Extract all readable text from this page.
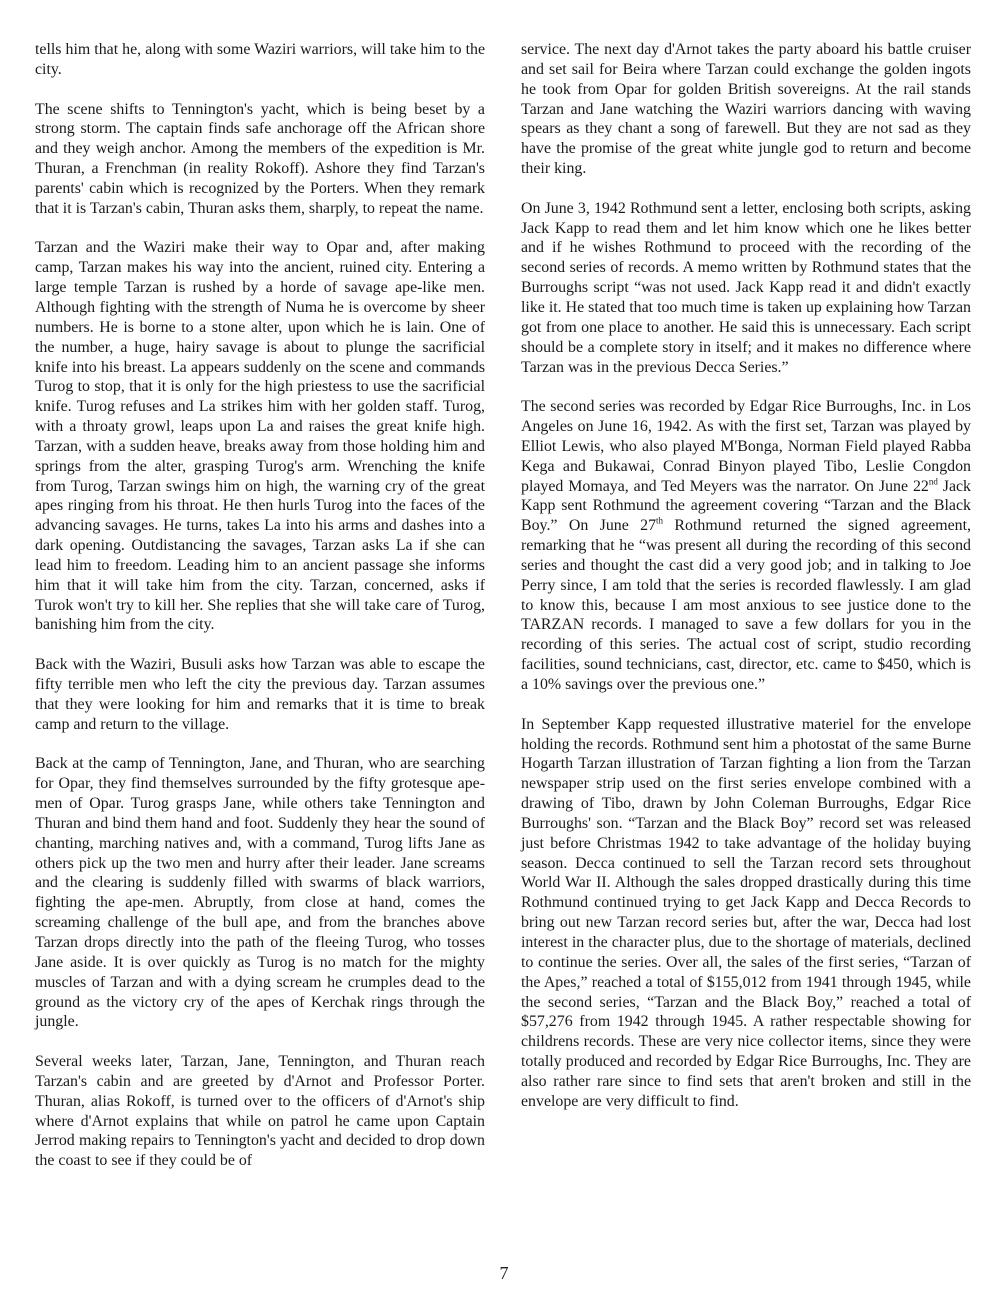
tells him that he, along with some Waziri warriors, will take him to the city.

The scene shifts to Tennington's yacht, which is being beset by a strong storm. The captain finds safe anchorage off the African shore and they weigh anchor. Among the members of the expedition is Mr. Thuran, a Frenchman (in reality Rokoff). Ashore they find Tarzan's parents' cabin which is recognized by the Porters. When they remark that it is Tarzan's cabin, Thuran asks them, sharply, to repeat the name.

Tarzan and the Waziri make their way to Opar and, after making camp, Tarzan makes his way into the ancient, ruined city. Entering a large temple Tarzan is rushed by a horde of savage ape-like men. Although fighting with the strength of Numa he is overcome by sheer numbers. He is borne to a stone alter, upon which he is lain. One of the number, a huge, hairy savage is about to plunge the sacrificial knife into his breast. La appears suddenly on the scene and commands Turog to stop, that it is only for the high priestess to use the sacrificial knife. Turog refuses and La strikes him with her golden staff. Turog, with a throaty growl, leaps upon La and raises the great knife high. Tarzan, with a sudden heave, breaks away from those holding him and springs from the alter, grasping Turog's arm. Wrenching the knife from Turog, Tarzan swings him on high, the warning cry of the great apes ringing from his throat. He then hurls Turog into the faces of the advancing savages. He turns, takes La into his arms and dashes into a dark opening. Outdistancing the savages, Tarzan asks La if she can lead him to freedom. Leading him to an ancient passage she informs him that it will take him from the city. Tarzan, concerned, asks if Turok won't try to kill her. She replies that she will take care of Turog, banishing him from the city.

Back with the Waziri, Busuli asks how Tarzan was able to escape the fifty terrible men who left the city the previous day. Tarzan assumes that they were looking for him and remarks that it is time to break camp and return to the village.

Back at the camp of Tennington, Jane, and Thuran, who are searching for Opar, they find themselves surrounded by the fifty grotesque ape-men of Opar. Turog grasps Jane, while others take Tennington and Thuran and bind them hand and foot. Suddenly they hear the sound of chanting, marching natives and, with a command, Turog lifts Jane as others pick up the two men and hurry after their leader. Jane screams and the clearing is suddenly filled with swarms of black warriors, fighting the ape-men. Abruptly, from close at hand, comes the screaming challenge of the bull ape, and from the branches above Tarzan drops directly into the path of the fleeing Turog, who tosses Jane aside. It is over quickly as Turog is no match for the mighty muscles of Tarzan and with a dying scream he crumples dead to the ground as the victory cry of the apes of Kerchak rings through the jungle.

Several weeks later, Tarzan, Jane, Tennington, and Thuran reach Tarzan's cabin and are greeted by d'Arnot and Professor Porter. Thuran, alias Rokoff, is turned over to the officers of d'Arnot's ship where d'Arnot explains that while on patrol he came upon Captain Jerrod making repairs to Tennington's yacht and decided to drop down the coast to see if they could be of

service. The next day d'Arnot takes the party aboard his battle cruiser and set sail for Beira where Tarzan could exchange the golden ingots he took from Opar for golden British sovereigns. At the rail stands Tarzan and Jane watching the Waziri warriors dancing with waving spears as they chant a song of farewell. But they are not sad as they have the promise of the great white jungle god to return and become their king.

On June 3, 1942 Rothmund sent a letter, enclosing both scripts, asking Jack Kapp to read them and let him know which one he likes better and if he wishes Rothmund to proceed with the recording of the second series of records. A memo written by Rothmund states that the Burroughs script “was not used. Jack Kapp read it and didn't exactly like it. He stated that too much time is taken up explaining how Tarzan got from one place to another. He said this is unnecessary. Each script should be a complete story in itself; and it makes no difference where Tarzan was in the previous Decca Series.”

The second series was recorded by Edgar Rice Burroughs, Inc. in Los Angeles on June 16, 1942. As with the first set, Tarzan was played by Elliot Lewis, who also played M'Bonga, Norman Field played Rabba Kega and Bukawai, Conrad Binyon played Tibo, Leslie Congdon played Momaya, and Ted Meyers was the narrator. On June 22nd Jack Kapp sent Rothmund the agreement covering “Tarzan and the Black Boy.” On June 27th Rothmund returned the signed agreement, remarking that he “was present all during the recording of this second series and thought the cast did a very good job; and in talking to Joe Perry since, I am told that the series is recorded flawlessly. I am glad to know this, because I am most anxious to see justice done to the TARZAN records. I managed to save a few dollars for you in the recording of this series. The actual cost of script, studio recording facilities, sound technicians, cast, director, etc. came to $450, which is a 10% savings over the previous one.”

In September Kapp requested illustrative materiel for the envelope holding the records. Rothmund sent him a photostat of the same Burne Hogarth Tarzan illustration of Tarzan fighting a lion from the Tarzan newspaper strip used on the first series envelope combined with a drawing of Tibo, drawn by John Coleman Burroughs, Edgar Rice Burroughs' son. “Tarzan and the Black Boy” record set was released just before Christmas 1942 to take advantage of the holiday buying season. Decca continued to sell the Tarzan record sets throughout World War II. Although the sales dropped drastically during this time Rothmund continued trying to get Jack Kapp and Decca Records to bring out new Tarzan record series but, after the war, Decca had lost interest in the character plus, due to the shortage of materials, declined to continue the series. Over all, the sales of the first series, “Tarzan of the Apes,” reached a total of $155,012 from 1941 through 1945, while the second series, “Tarzan and the Black Boy,” reached a total of $57,276 from 1942 through 1945. A rather respectable showing for childrens records. These are very nice collector items, since they were totally produced and recorded by Edgar Rice Burroughs, Inc. They are also rather rare since to find sets that aren't broken and still in the envelope are very difficult to find.

7
